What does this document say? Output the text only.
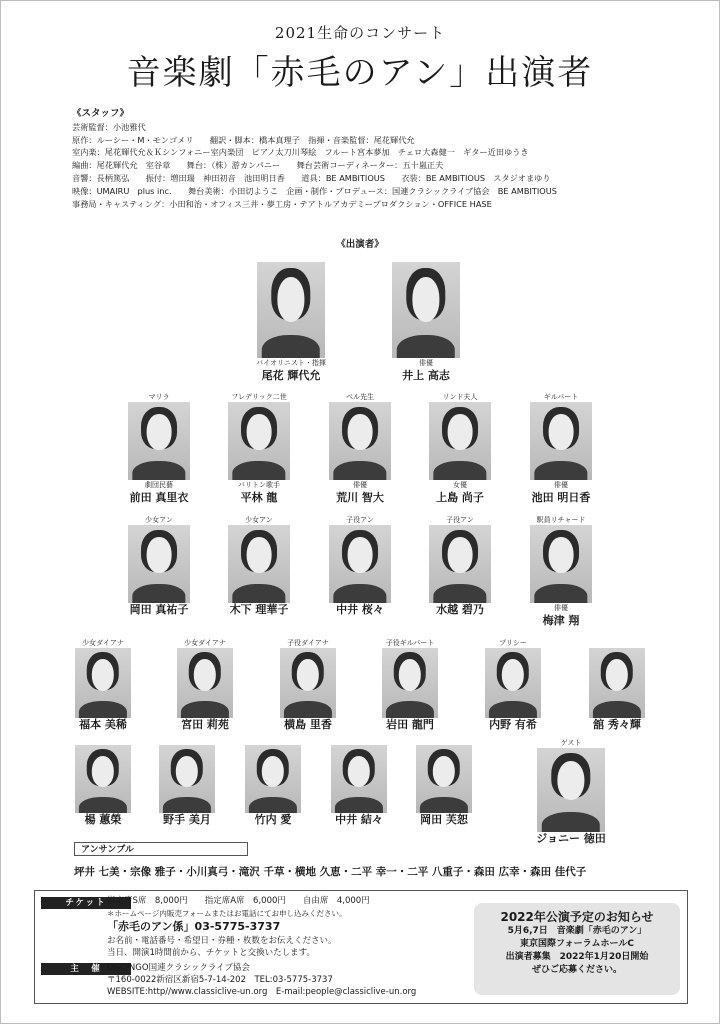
2021生命のコンサート
音楽劇「赤毛のアン」出演者
《スタッフ》
芸術監督：小池雅代
原作：ルーシー・M・モンゴメリ　　翻訳・脚本：橋本真理子　指揮・音楽監督：尾花輝代允
室内楽：尾花輝代允＆Ｋシンフォニー室内楽団　ピアノ太刀川琴絵　フルート宮本夢加　チェロ大森健一　ギター近田ゆうき
編曲：尾花輝代允　室谷章　　舞台：（株）游カンパニー　　舞台芸術コーディネーター：五十嵐正夫
音響：長柄篤弘　　振付：増田瑞　神田初音　池田明日香　　道具：BE AMBITIOUS　　衣装：BE AMBITIOUS　スタジオまゆり
映像：UMAIRU　plus inc.　　舞台美術：小田切ようこ　企画・制作・プロデュース：国連クラシックライブ協会　BE AMBITIOUS
事務局・キャスティング：小田和治・オフィス三井・夢工房・テアトルアカデミープロダクション・OFFICE HASE
《出演者》
バイオリニスト・指揮
尾花 輝代允
俳優
井上 高志
マリラ
劇団民藝
前田 真里衣
フレデリック二世
バリトン歌手
平林 龍
ベル先生
俳優
荒川 智大
リンド夫人
女優
上島 尚子
ギルバート
俳優
池田 明日香
少女アン
岡田 真祐子
少女アン
木下 理華子
子役アン
中井 桜々
子役アン
水越 碧乃
駅員リチャード
俳優
梅津 翔
少女ダイアナ
福本 美稀
少女ダイアナ
宮田 莉苑
子役ダイアナ
横島 里香
子役ギルバート
岩田 龍門
プリシー
内野 有希	舘 秀々輝
楊 蕙榮	野手 美月	竹内 愛	中井 結々	岡田 芙恕
ゲスト
ジョニー 徳田
アンサンブル
坪井 七美・宗像 雅子・小川真弓・滝沢 千草・横地 久恵・二平 幸一・二平 八重子・森田 広幸・森田 佳代子
チケット 指定席S席　8,000円　　指定席A席　6,000円　　自由席　4,000円
＊ホームページ内販売フォームまたはお電話にてお申し込みください。
「赤毛のアン係」03-5775-3737
お名前・電話番号・希望日・券種・枚数をお伝えください。
当日、開演1時間前から、チケットと交換いたします。
主　催 DGC/NGO国連クラシックライブ協会
〒160-0022新宿区新宿5-7-14-202　TEL:03-5775-3737
WEBSITE:http//www.classiclive-un.org　E-mail:people@classiclive-un.org
2022年公演予定のお知らせ
5月6,7日　音楽劇「赤毛のアン」
東京国際フォーラムホールC
出演者募集　2022年1月20日開始
ぜひご応募ください。
